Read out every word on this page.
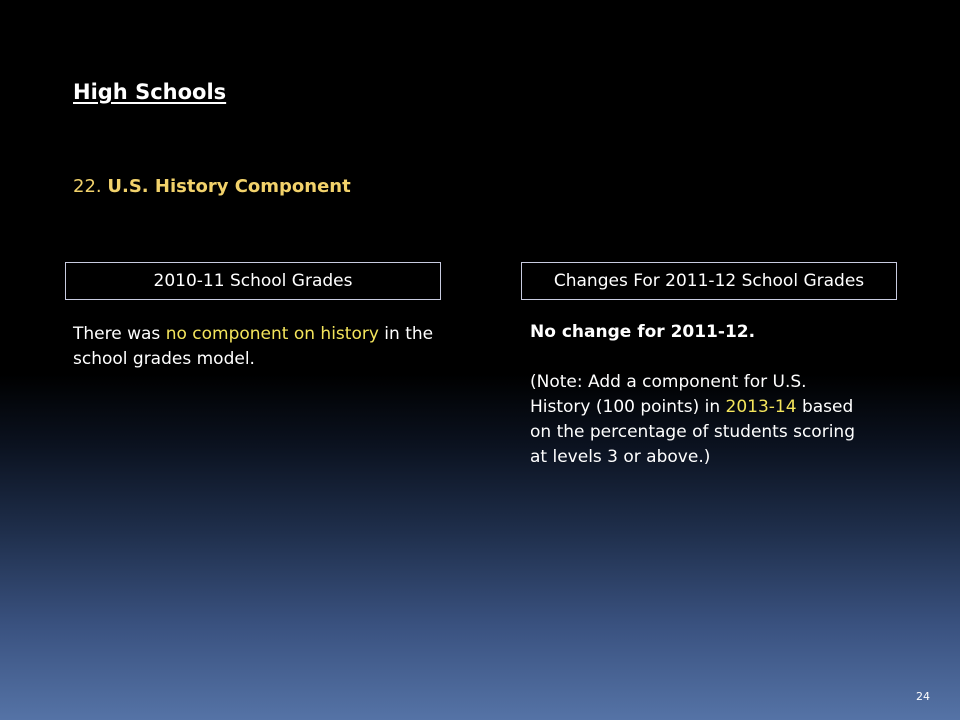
High Schools
22. U.S. History Component
2010-11 School Grades	Changes For 2011-12 School Grades
There was no component on history in the school grades model.
No change for 2011-12.
(Note: Add a component for U.S. History (100 points) in 2013-14 based on the percentage of students scoring at levels 3 or above.)
24
